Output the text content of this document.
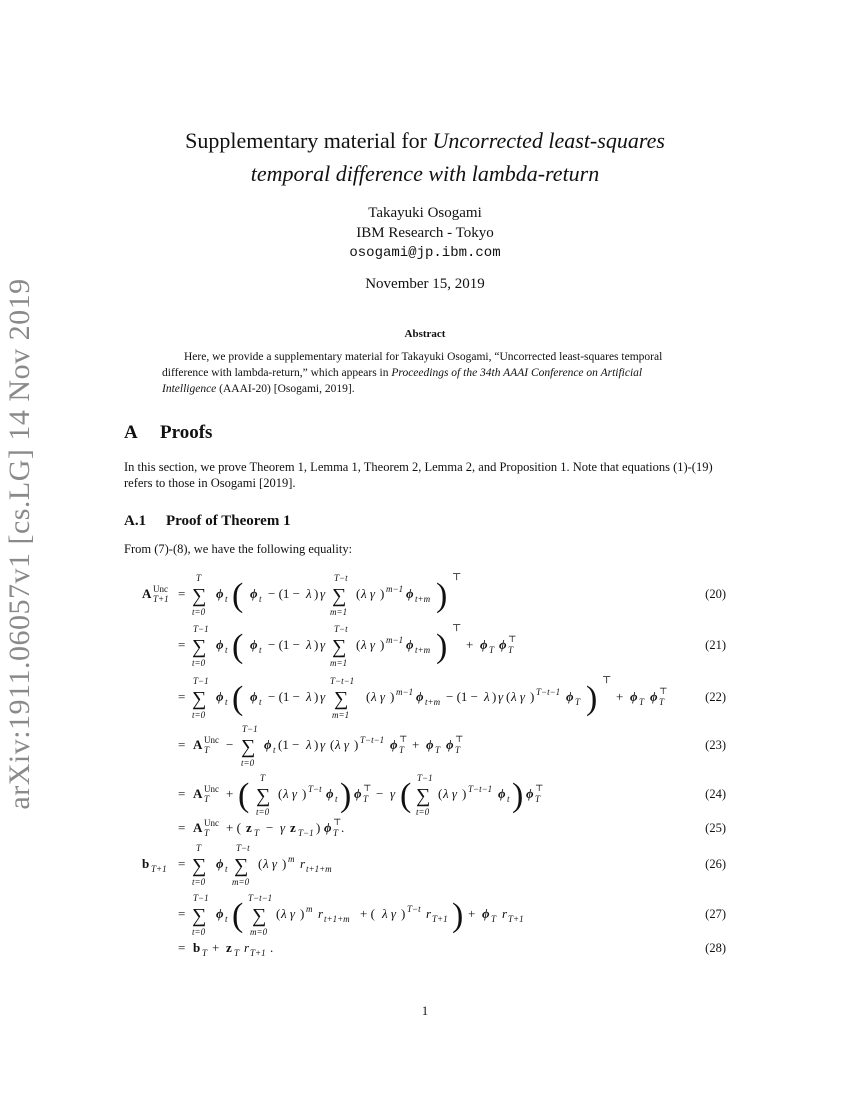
arXiv:1911.06057v1 [cs.LG] 14 Nov 2019
Supplementary material for Uncorrected least-squares
temporal difference with lambda-return
Takayuki Osogami
IBM Research - Tokyo
osogami@jp.ibm.com
November 15, 2019
Abstract
Here, we provide a supplementary material for Takayuki Osogami, “Uncorrected least-squares temporal difference with lambda-return,” which appears in Proceedings of the 34th AAAI Conference on Artificial Intelligence (AAAI-20) [Osogami, 2019].
A Proofs
In this section, we prove Theorem 1, Lemma 1, Theorem 2, Lemma 2, and Proposition 1. Note that equations (1)-(19) refers to those in Osogami [2019].
A.1 Proof of Theorem 1
From (7)-(8), we have the following equality:
A Unc
T+1 =
T
∑
t=0
ϕ t ( ϕ t − (1 − λ ) γ
T−t
∑
m=1
( λ γ ) m−1 ϕ t+m ) ⊤
=
T−1
∑
t=0
ϕ t ( ϕ t − (1 − λ ) γ
T−t
∑
m=1
( λ γ ) m−1 ϕ t+m ) ⊤
+ ϕ T ϕ T
⊤
=
T−1
∑
t=0
ϕ t ( ϕ t − (1 − λ ) γ
T−t−1
∑
m=1
( λ γ ) m−1 ϕ t+m − (1 − λ ) γ ( λ γ ) T−t−1 ϕ T ) ⊤
+ ϕ T ϕ T
⊤
= A Unc
T −
T−1
∑
t=0
ϕ t (1 − λ ) γ ( λ γ ) T−t−1 ϕ T
⊤ + ϕ T ϕ T
⊤
= A Unc
T + ( T
∑
t=0
( λ γ ) T−t ϕ t ) ϕ T
⊤ − γ ( T−1
∑
t=0
( λ γ ) T−t−1 ϕ t ) ϕ T
⊤
= A Unc
T + ( z T − γ z T−1 ) ϕ T
⊤ .
b T+1 =
T
∑
t=0
ϕ t
T−t
∑
m=0
( λ γ ) m r t+1+m
=
T−1
∑
t=0
ϕ t ( T−t−1
∑
m=0
( λ γ ) m r t+1+m + ( λ γ ) T−t r T+1 ) + ϕ T r T+1
= b T + z T r T+1 .
(20)
(21)
(22)
(23)
(24)
(25)
(26)
(27)
(28)
1
